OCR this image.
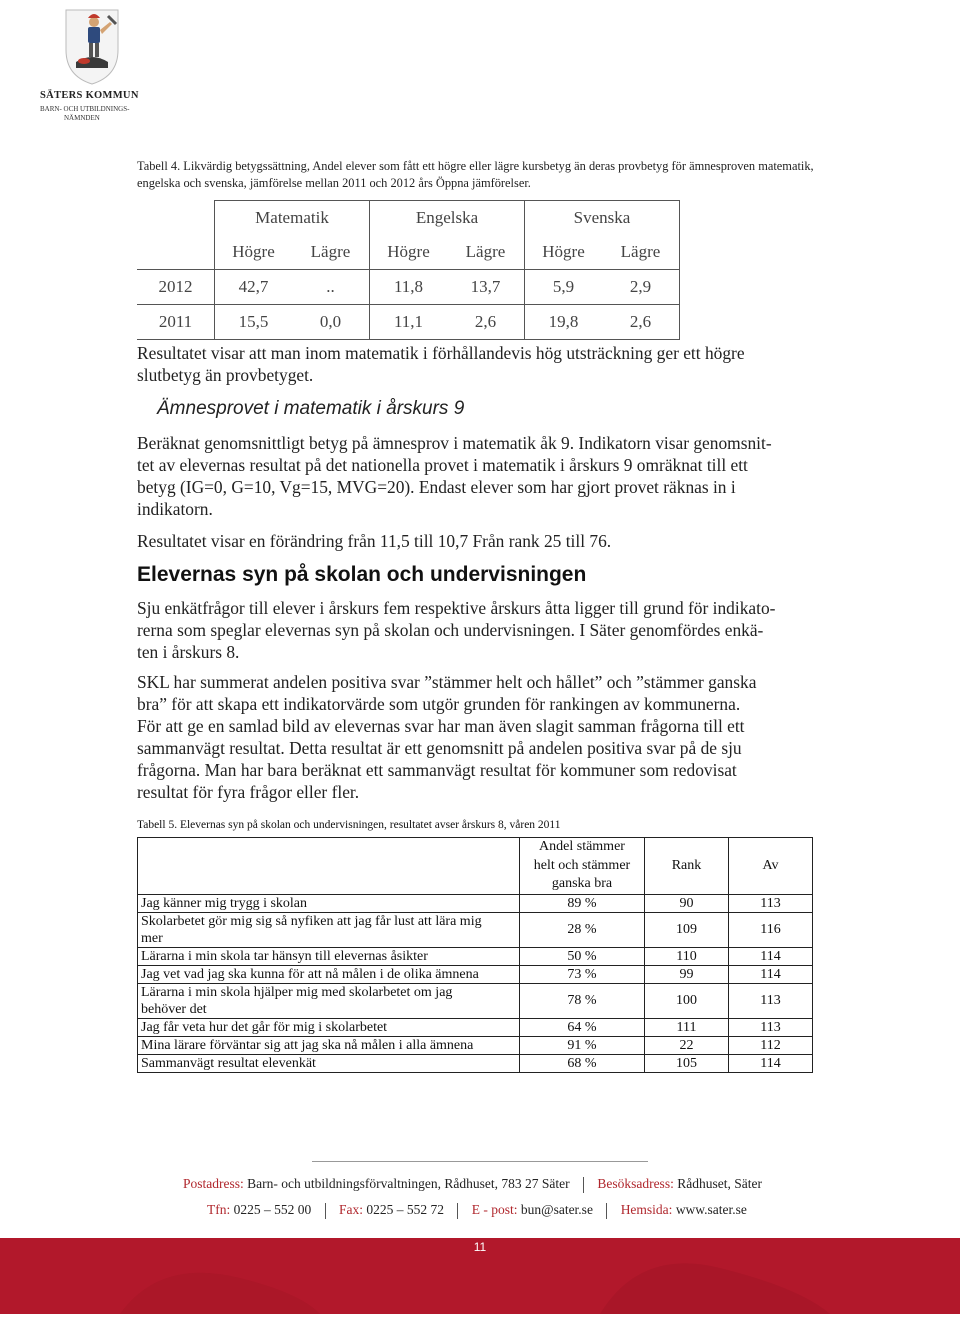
SÄTERS KOMMUN
BARN- OCH UTBILDNINGS-
NÄMNDEN
Tabell 4. Likvärdig betygssättning, Andel elever som fått ett högre eller lägre kursbetyg än deras provbetyg för ämnesproven matematik, engelska och svenska, jämförelse mellan 2011 och 2012 års Öppna jämförelser.
	Matematik		Engelska		Svenska	
	Högre	Lägre	Högre	Lägre	Högre	Lägre
2012	42,7	..	11,8	13,7	5,9	2,9
2011	15,5	0,0	11,1	2,6	19,8	2,6
Resultatet visar att man inom matematik i förhållandevis hög utsträckning ger ett högre
slutbetyg än provbetyget.
Ämnesprovet i matematik i årskurs 9
Beräknat genomsnittligt betyg på ämnesprov i matematik åk 9. Indikatorn visar genomsnit-
tet av elevernas resultat på det nationella provet i matematik i årskurs 9 omräknat till ett
betyg (IG=0, G=10, Vg=15, MVG=20). Endast elever som har gjort provet räknas in i
indikatorn.
Resultatet visar en förändring från 11,5 till 10,7 Från rank 25 till 76.
Elevernas syn på skolan och undervisningen
Sju enkätfrågor till elever i årskurs fem respektive årskurs åtta ligger till grund för indikato-
rerna som speglar elevernas syn på skolan och undervisningen. I Säter genomfördes enkä-
ten i årskurs 8.
SKL har summerat andelen positiva svar ”stämmer helt och hållet” och ”stämmer ganska
bra” för att skapa ett indikatorvärde som utgör grunden för rankingen av kommunerna.
För att ge en samlad bild av elevernas svar har man även slagit samman frågorna till ett
sammanvägt resultat. Detta resultat är ett genomsnitt på andelen positiva svar på de sju
frågorna. Man har bara beräknat ett sammanvägt resultat för kommuner som redovisat
resultat för fyra frågor eller fler.
Tabell 5. Elevernas syn på skolan och undervisningen, resultatet avser årskurs 8, våren 2011

	Andel stämmer
helt och stämmer
ganska bra	Rank	Av
Jag känner mig trygg i skolan	89 %	90	113

Skolarbetet gör mig sig så nyfiken att jag får lust att lära mig
mer	28 %	109	116
Lärarna i min skola tar hänsyn till elevernas åsikter	50 %	110	114
Jag vet vad jag ska kunna för att nå målen i de olika ämnena	73 %	99	114

Lärarna i min skola hjälper mig med skolarbetet om jag
behöver det	78 %	100	113
Jag får veta hur det går för mig i skolarbetet	64 %	111	113
Mina lärare förväntar sig att jag ska nå målen i alla ämnena	91 %	22	112
Sammanvägt resultat elevenkät	68 %	105	114
Postadress: Barn- och utbildningsförvaltningen, Rådhuset, 783 27 Säter Besöksadress: Rådhuset, Säter
Tfn: 0225 – 552 00 Fax: 0225 – 552 72 E - post: bun@sater.se Hemsida: www.sater.se
11
